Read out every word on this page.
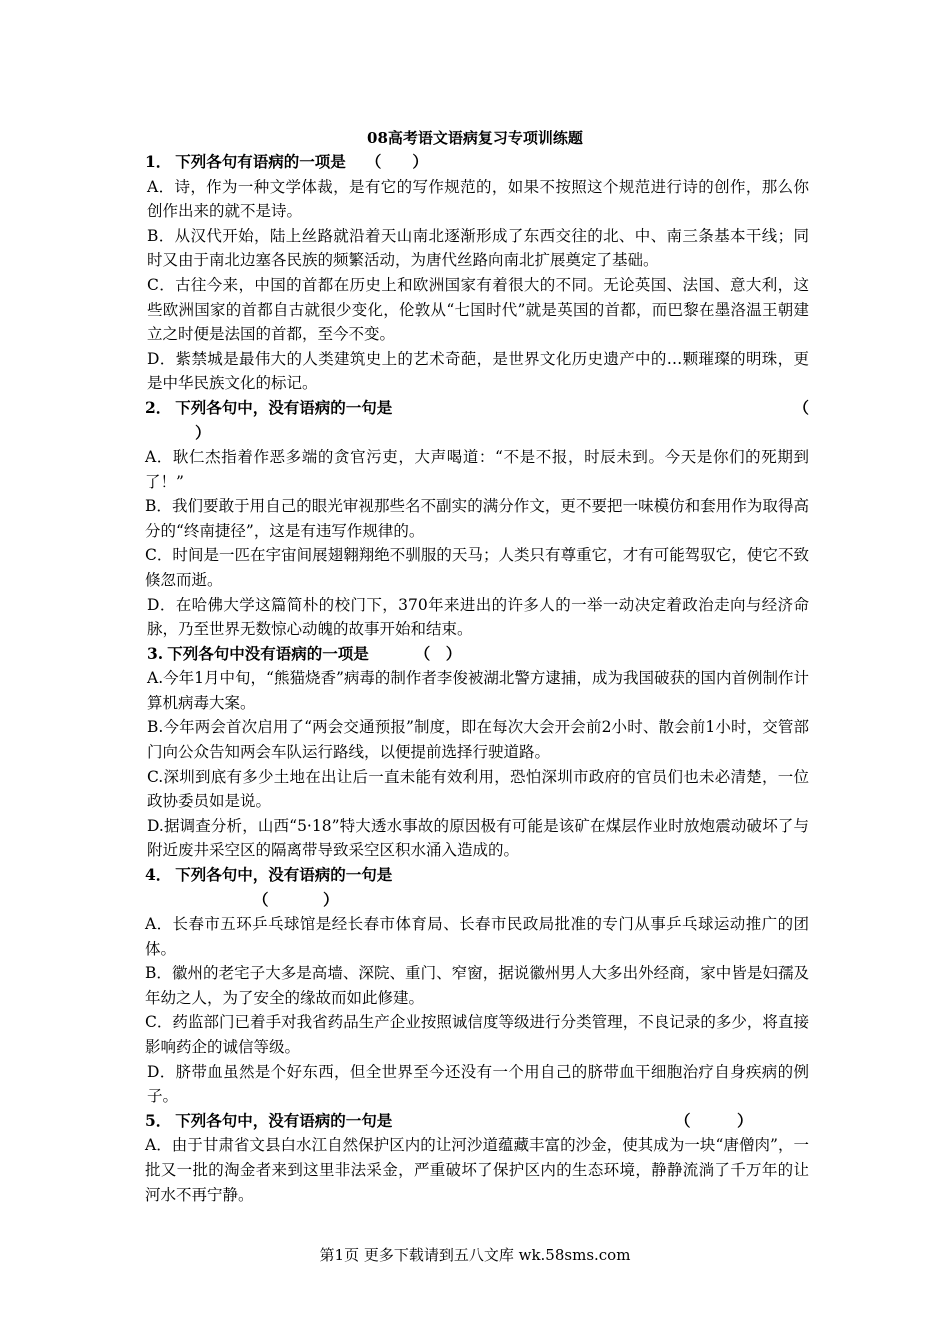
08高考语文语病复习专项训练题
1． 下列各句有语病的一项是 （　　）
A．诗，作为一种文学体裁，是有它的写作规范的，如果不按照这个规范进行诗的创作，那么你创作出来的就不是诗。
B．从汉代开始，陆上丝路就沿着天山南北逐渐形成了东西交往的北、中、南三条基本干线；同时又由于南北边塞各民族的频繁活动，为唐代丝路向南北扩展奠定了基础。
C．古往今来，中国的首都在历史上和欧洲国家有着很大的不同。无论英国、法国、意大利，这些欧洲国家的首都自古就很少变化，伦敦从“七国时代”就是英国的首都，而巴黎在墨洛温王朝建立之时便是法国的首都，至今不变。
D．紫禁城是最伟大的人类建筑史上的艺术奇葩，是世界文化历史遗产中的…颗璀璨的明珠，更是中华民族文化的标记。
2． 下列各句中，没有语病的一句是	（
）
A．耿仁杰指着作恶多端的贪官污吏，大声喝道：“不是不报，时辰未到。今天是你们的死期到了！”
B．我们要敢于用自己的眼光审视那些名不副实的满分作文，更不要把一味模仿和套用作为取得高分的“终南捷径”，这是有违写作规律的。
C．时间是一匹在宇宙间展翅翱翔绝不驯服的天马；人类只有尊重它，才有可能驾驭它，使它不致倏忽而逝。
D．在哈佛大学这篇简朴的校门下，370年来进出的许多人的一举一动决定着政治走向与经济命脉，乃至世界无数惊心动魄的故事开始和结束。
3. 下列各句中没有语病的一项是	（　）
A.今年1月中旬，“熊猫烧香”病毒的制作者李俊被湖北警方逮捕，成为我国破获的国内首例制作计算机病毒大案。
B.今年两会首次启用了“两会交通预报”制度，即在每次大会开会前2小时、散会前1小时，交管部门向公众告知两会车队运行路线，以便提前选择行驶道路。
C.深圳到底有多少土地在出让后一直未能有效利用，恐怕深圳市政府的官员们也未必清楚，一位政协委员如是说。
D.据调查分析，山西“5·18”特大透水事故的原因极有可能是该矿在煤层作业时放炮震动破坏了与附近废井采空区的隔离带导致采空区积水涌入造成的。
4． 下列各句中，没有语病的一句是
（　　　）
A．长春市五环乒乓球馆是经长春市体育局、长春市民政局批准的专门从事乒乓球运动推广的团体。
B．徽州的老宅子大多是高墙、深院、重门、窄窗，据说徽州男人大多出外经商，家中皆是妇孺及年幼之人，为了安全的缘故而如此修建。
C．药监部门已着手对我省药品生产企业按照诚信度等级进行分类管理，不良记录的多少，将直接影响药企的诚信等级。
D．脐带血虽然是个好东西，但全世界至今还没有一个用自己的脐带血干细胞治疗自身疾病的例子。
5． 下列各句中，没有语病的一句是	（　　　）
A．由于甘肃省文县白水江自然保护区内的让河沙道蕴藏丰富的沙金，使其成为一块“唐僧肉”，一批又一批的淘金者来到这里非法采金，严重破坏了保护区内的生态环境，静静流淌了千万年的让河水不再宁静。
第1页 更多下载请到五八文库 wk.58sms.com
